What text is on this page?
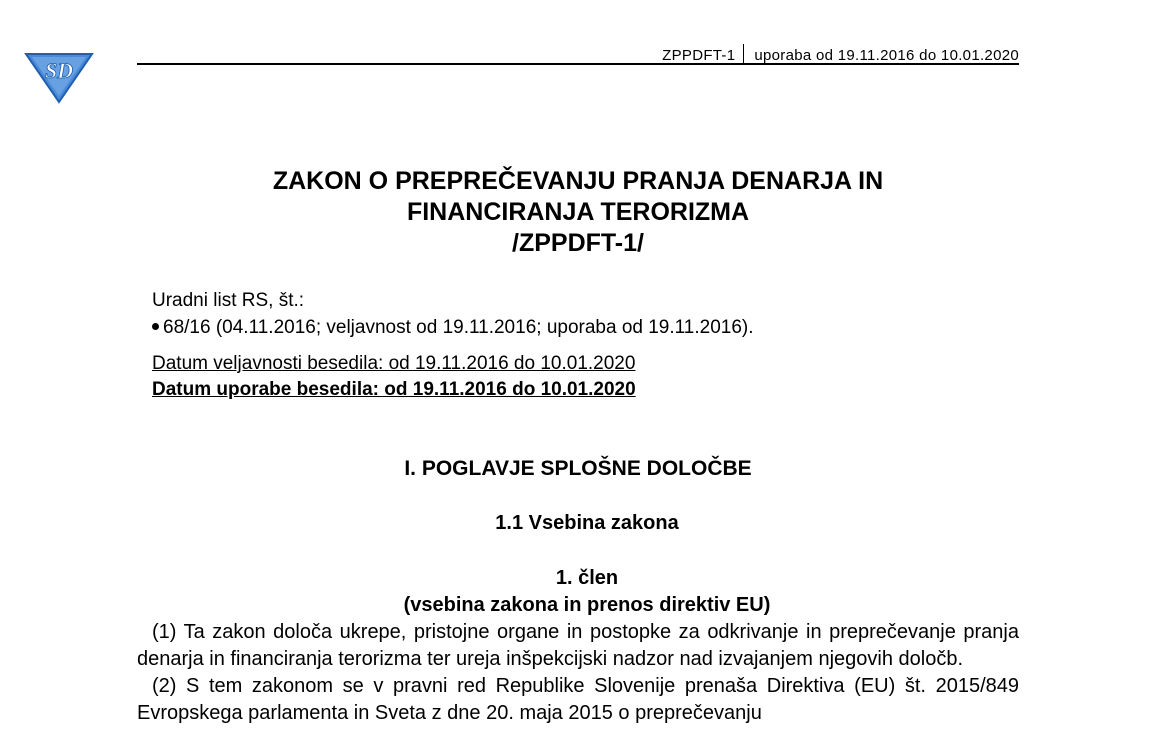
SD
ZPPDFT-1 uporaba od 19.11.2016 do 10.01.2020
ZAKON O PREPREČEVANJU PRANJA DENARJA IN
FINANCIRANJA TERORIZMA
/ZPPDFT-1/
Uradni list RS, št.:
68/16 (04.11.2016; veljavnost od 19.11.2016; uporaba od 19.11.2016).
Datum veljavnosti besedila: od 19.11.2016 do 10.01.2020
Datum uporabe besedila: od 19.11.2016 do 10.01.2020
I. POGLAVJE SPLOŠNE DOLOČBE
1.1 Vsebina zakona
1. člen
(vsebina zakona in prenos direktiv EU)

(1) Ta zakon določa ukrepe, pristojne organe in postopke za odkrivanje in preprečevanje pranja denarja in financiranja terorizma ter ureja inšpekcijski nadzor nad izvajanjem njegovih določb.

(2) S tem zakonom se v pravni red Republike Slovenije prenaša Direktiva (EU) št. 2015/849 Evropskega parlamenta in Sveta z dne 20. maja 2015 o preprečevanju
